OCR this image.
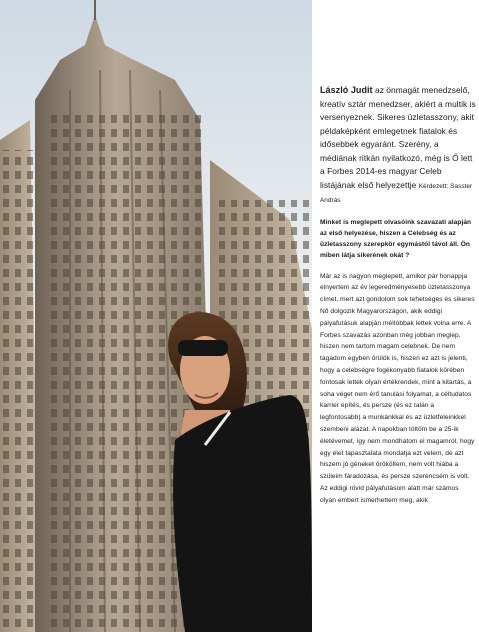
László Judit az önmagát menedzselő, kreatív sztár menedzser, akiért a multik is versenyeznek. Sikeres üzletasszony, akit példaképként emlegetnek fiatalok és idősebbek egyaránt. Szerény, a médiának ritkán nyilatkozó, még is Ő lett a Forbes 2014-es magyar Celeb listájának első helyezettje Kérdezett: Sasster András

Minket is meglepett olvasóink szavazati alapján az első helyezése, hiszen a Celebség és az üzletasszony szerepkör egymástól távol áll. Ön miben látja sikerének okát ?

Már az is nagyon meglepett, amikor pár honappja elnyertem az év legeredményesebb üzletasszonya címet, mert azt gondolom sok tehetséges és sikeres Nő dolgozik Magyarországon, akik eddigi pályafutásuk alapján méltóbbak lettek volna erre. A Forbes szavazás azonban még jobban meglep, hiszen nem tartom magam celebnek. De nem tagadom egyben örülök is, hiszen ez azt is jelenti, hogy a celebségre fogékonyabb fiatalok körében fontosak lettek olyan értékrendek, mint a kitartás, a soha véget nem érő tanulási folyamat, a céltudatos karrier építés, és persze (és ez talán a legfontosabb) a munkánkkal és az üzletfeleinkkel szembeni alázat. A napokban töltöm be a 25-ik életévemet, így nem mondhatom el magamról, hogy egy élet tapasztalata mondatja ezt velem, de azt hiszem jó géneket örököltem, nem volt hiába a szüleim fáradozása, és persze szerencsém is volt. Az eddigi rövid pályafutásom alatt már számos olyan embert ismerhettem meg, akik
